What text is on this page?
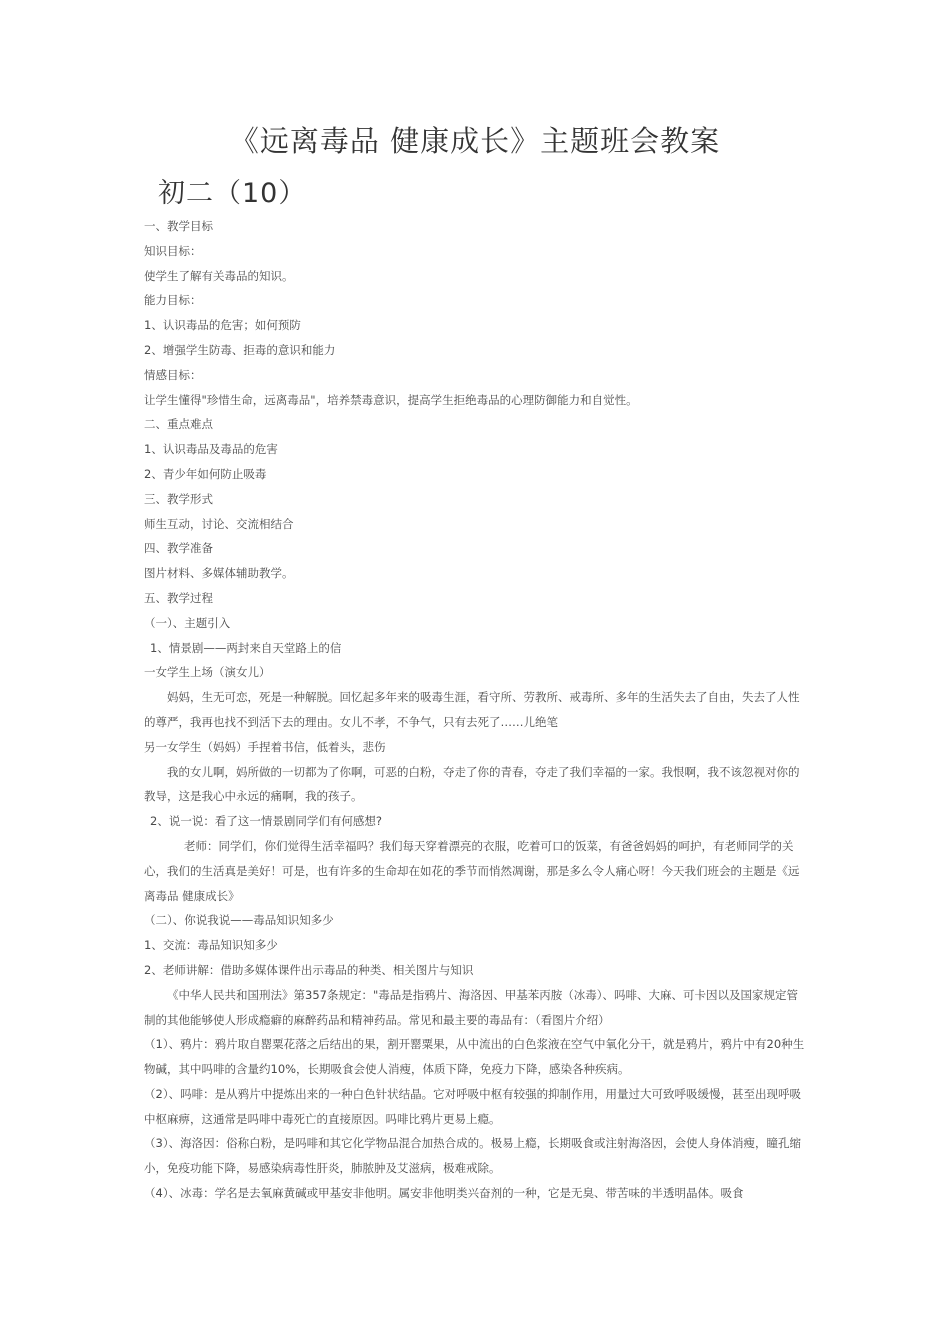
《远离毒品 健康成长》主题班会教案
初二（10）

一、教学目标

知识目标：

使学生了解有关毒品的知识。

能力目标：

1、认识毒品的危害；如何预防

2、增强学生防毒、拒毒的意识和能力

情感目标：

让学生懂得"珍惜生命，远离毒品"，培养禁毒意识，提高学生拒绝毒品的心理防御能力和自觉性。

二、重点难点

1、认识毒品及毒品的危害

2、青少年如何防止吸毒

三、教学形式

师生互动，讨论、交流相结合

四、教学准备

图片材料、多媒体辅助教学。

五、教学过程

（一）、主题引入

1、情景剧——两封来自天堂路上的信

一女学生上场（演女儿）

妈妈，生无可恋，死是一种解脱。回忆起多年来的吸毒生涯，看守所、劳教所、戒毒所、多年的生活失去了自由，失去了人性的尊严，我再也找不到活下去的理由。女儿不孝，不争气，只有去死了……儿绝笔

另一女学生（妈妈）手捏着书信，低着头，悲伤

我的女儿啊，妈所做的一切都为了你啊，可恶的白粉，夺走了你的青春，夺走了我们幸福的一家。我恨啊，我不该忽视对你的教导，这是我心中永远的痛啊，我的孩子。

2、说一说：看了这一情景剧同学们有何感想?

老师：同学们，你们觉得生活幸福吗？我们每天穿着漂亮的衣服，吃着可口的饭菜，有爸爸妈妈的呵护，有老师同学的关心，我们的生活真是美好！可是，也有许多的生命却在如花的季节而悄然凋谢，那是多么令人痛心呀！今天我们班会的主题是《远离毒品 健康成长》

（二）、你说我说——毒品知识知多少

1、交流：毒品知识知多少

2、老师讲解：借助多媒体课件出示毒品的种类、相关图片与知识

《中华人民共和国刑法》第357条规定："毒品是指鸦片、海洛因、甲基苯丙胺（冰毒）、吗啡、大麻、可卡因以及国家规定管制的其他能够使人形成瘾癖的麻醉药品和精神药品。常见和最主要的毒品有：（看图片介绍）

（1）、鸦片：鸦片取自罂粟花落之后结出的果，割开罂粟果，从中流出的白色浆液在空气中氧化分干，就是鸦片，鸦片中有20种生物碱，其中吗啡的含量约10%，长期吸食会使人消瘦，体质下降，免疫力下降，感染各种疾病。

（2）、吗啡：是从鸦片中提炼出来的一种白色针状结晶。它对呼吸中枢有较强的抑制作用，用量过大可致呼吸缓慢，甚至出现呼吸中枢麻痹，这通常是吗啡中毒死亡的直接原因。吗啡比鸦片更易上瘾。

（3）、海洛因：俗称白粉，是吗啡和其它化学物品混合加热合成的。极易上瘾，长期吸食或注射海洛因，会使人身体消瘦，瞳孔缩小，免疫功能下降，易感染病毒性肝炎，肺脓肿及艾滋病，极难戒除。

（4）、冰毒：学名是去氧麻黄碱或甲基安非他明。属安非他明类兴奋剂的一种，它是无臭、带苦味的半透明晶体。吸食
